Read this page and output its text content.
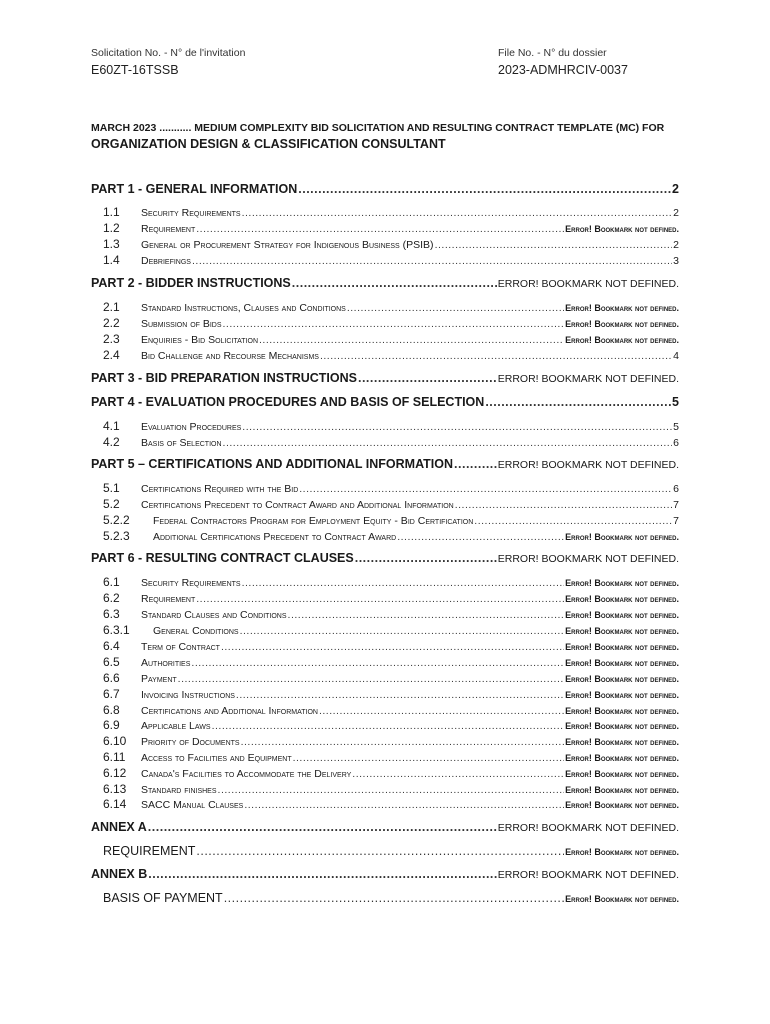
Solicitation No. - N° de l'invitation
E60ZT-16TSSB
File No. - N° du dossier
2023-ADMHRCIV-0037
MARCH 2023 ........... MEDIUM COMPLEXITY BID SOLICITATION AND RESULTING CONTRACT TEMPLATE (MC) FOR
ORGANIZATION DESIGN & CLASSIFICATION CONSULTANT
PART 1 - GENERAL INFORMATION .....	2
1.1	Security Requirements .....	2
1.2	Requirement .....	Error! Bookmark not defined.
1.3	General or Procurement Strategy for Indigenous Business (PSIB) .....	2
1.4	Debriefings .....	3
PART 2 - BIDDER INSTRUCTIONS .....	ERROR! BOOKMARK NOT DEFINED.
2.1	Standard Instructions, Clauses and Conditions .....	Error! Bookmark not defined.
2.2	Submission of Bids .....	Error! Bookmark not defined.
2.3	Enquiries - Bid Solicitation .....	Error! Bookmark not defined.
2.4	Bid Challenge and Recourse Mechanisms .....	4
PART 3 - BID PREPARATION INSTRUCTIONS .....	ERROR! BOOKMARK NOT DEFINED.
PART 4 - EVALUATION PROCEDURES AND BASIS OF SELECTION .....	5
4.1	Evaluation Procedures .....	5
4.2	Basis of Selection .....	6
PART 5 – CERTIFICATIONS AND ADDITIONAL INFORMATION .....	ERROR! BOOKMARK NOT DEFINED.
5.1	Certifications Required with the Bid .....	6
5.2	Certifications Precedent to Contract Award and Additional Information .....	7
5.2.2	Federal Contractors Program for Employment Equity - Bid Certification .....	7
5.2.3	Additional Certifications Precedent to Contract Award .....	Error! Bookmark not defined.
PART 6 - RESULTING CONTRACT CLAUSES .....	ERROR! BOOKMARK NOT DEFINED.
6.1	Security Requirements .....	Error! Bookmark not defined.
6.2	Requirement .....	Error! Bookmark not defined.
6.3	Standard Clauses and Conditions .....	Error! Bookmark not defined.
6.3.1	General Conditions .....	Error! Bookmark not defined.
6.4	Term of Contract .....	Error! Bookmark not defined.
6.5	Authorities .....	Error! Bookmark not defined.
6.6	Payment .....	Error! Bookmark not defined.
6.7	Invoicing Instructions .....	Error! Bookmark not defined.
6.8	Certifications and Additional Information .....	Error! Bookmark not defined.
6.9	Applicable Laws .....	Error! Bookmark not defined.
6.10	Priority of Documents .....	Error! Bookmark not defined.
6.11	Access to Facilities and Equipment .....	Error! Bookmark not defined.
6.12	Canada's Facilities to Accommodate the Delivery .....	Error! Bookmark not defined.
6.13	Standard finishes .....	Error! Bookmark not defined.
6.14	SACC Manual Clauses .....	Error! Bookmark not defined.
ANNEX A .....	ERROR! BOOKMARK NOT DEFINED.
REQUIREMENT .....	Error! Bookmark not defined.
ANNEX B .....	ERROR! BOOKMARK NOT DEFINED.
BASIS OF PAYMENT .....	Error! Bookmark not defined.
